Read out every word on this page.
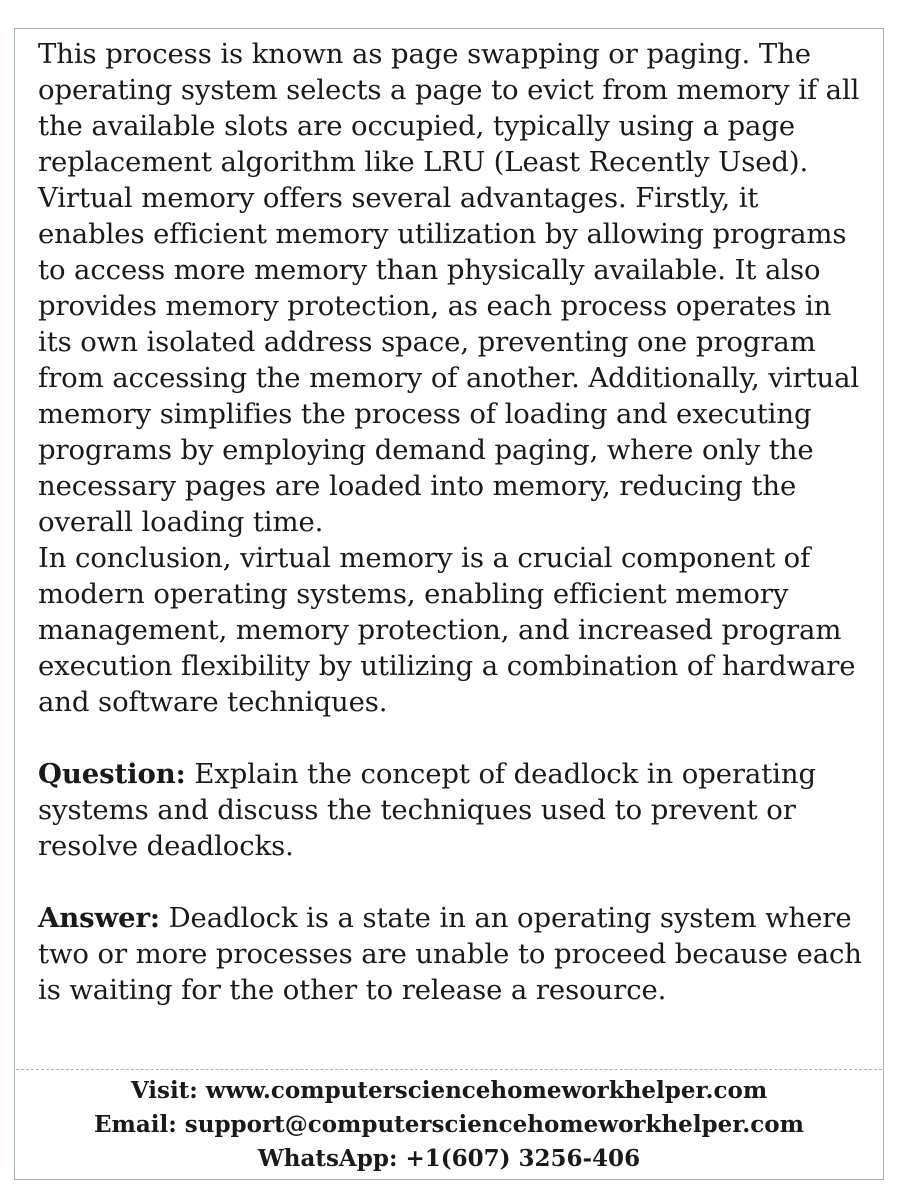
This process is known as page swapping or paging. The operating system selects a page to evict from memory if all the available slots are occupied, typically using a page replacement algorithm like LRU (Least Recently Used).

Virtual memory offers several advantages. Firstly, it enables efficient memory utilization by allowing programs to access more memory than physically available. It also provides memory protection, as each process operates in its own isolated address space, preventing one program from accessing the memory of another. Additionally, virtual memory simplifies the process of loading and executing programs by employing demand paging, where only the necessary pages are loaded into memory, reducing the overall loading time.

In conclusion, virtual memory is a crucial component of modern operating systems, enabling efficient memory management, memory protection, and increased program execution flexibility by utilizing a combination of hardware and software techniques.

Question: Explain the concept of deadlock in operating systems and discuss the techniques used to prevent or resolve deadlocks.

Answer: Deadlock is a state in an operating system where two or more processes are unable to proceed because each is waiting for the other to release a resource.

Visit: www.computersciencehomeworkhelper.com
Email: support@computersciencehomeworkhelper.com
WhatsApp: +1(607) 3256-406
